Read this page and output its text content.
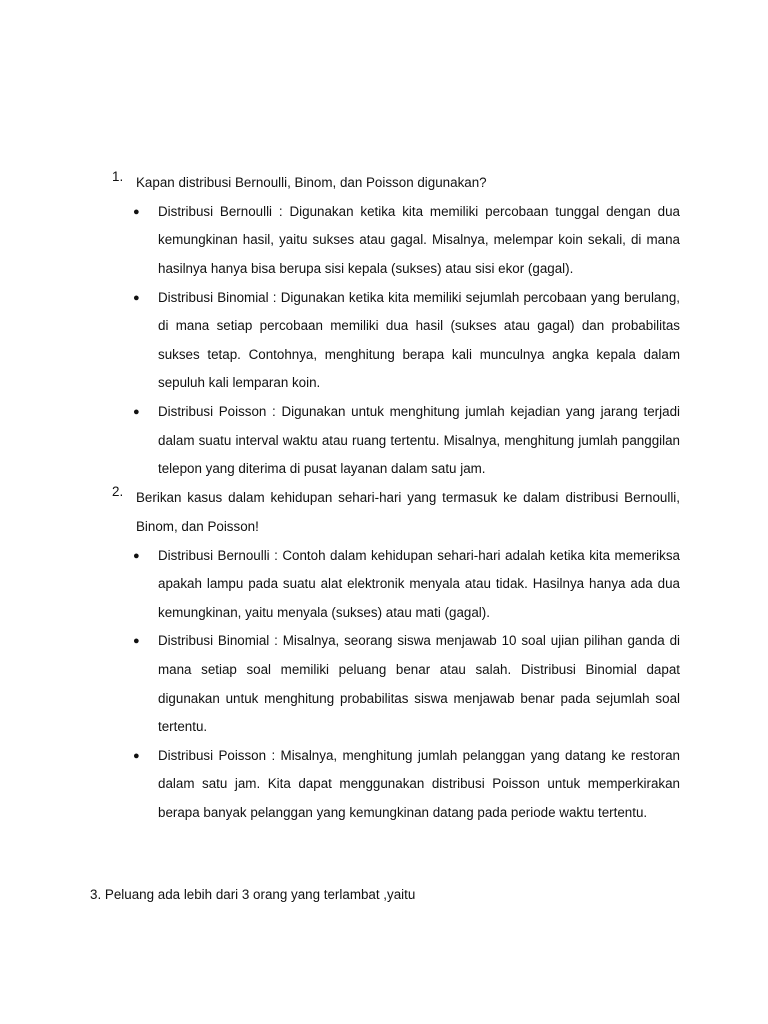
1. Kapan distribusi Bernoulli, Binom, dan Poisson digunakan?
● Distribusi Bernoulli : Digunakan ketika kita memiliki percobaan tunggal dengan dua kemungkinan hasil, yaitu sukses atau gagal. Misalnya, melempar koin sekali, di mana hasilnya hanya bisa berupa sisi kepala (sukses) atau sisi ekor (gagal).
● Distribusi Binomial : Digunakan ketika kita memiliki sejumlah percobaan yang berulang, di mana setiap percobaan memiliki dua hasil (sukses atau gagal) dan probabilitas sukses tetap. Contohnya, menghitung berapa kali munculnya angka kepala dalam sepuluh kali lemparan koin.
● Distribusi Poisson : Digunakan untuk menghitung jumlah kejadian yang jarang terjadi dalam suatu interval waktu atau ruang tertentu. Misalnya, menghitung jumlah panggilan telepon yang diterima di pusat layanan dalam satu jam.
2. Berikan kasus dalam kehidupan sehari-hari yang termasuk ke dalam distribusi Bernoulli, Binom, dan Poisson!
● Distribusi Bernoulli : Contoh dalam kehidupan sehari-hari adalah ketika kita memeriksa apakah lampu pada suatu alat elektronik menyala atau tidak. Hasilnya hanya ada dua kemungkinan, yaitu menyala (sukses) atau mati (gagal).
● Distribusi Binomial : Misalnya, seorang siswa menjawab 10 soal ujian pilihan ganda di mana setiap soal memiliki peluang benar atau salah. Distribusi Binomial dapat digunakan untuk menghitung probabilitas siswa menjawab benar pada sejumlah soal tertentu.
● Distribusi Poisson : Misalnya, menghitung jumlah pelanggan yang datang ke restoran dalam satu jam. Kita dapat menggunakan distribusi Poisson untuk memperkirakan berapa banyak pelanggan yang kemungkinan datang pada periode waktu tertentu.
3. Peluang ada lebih dari 3 orang yang terlambat ,yaitu
